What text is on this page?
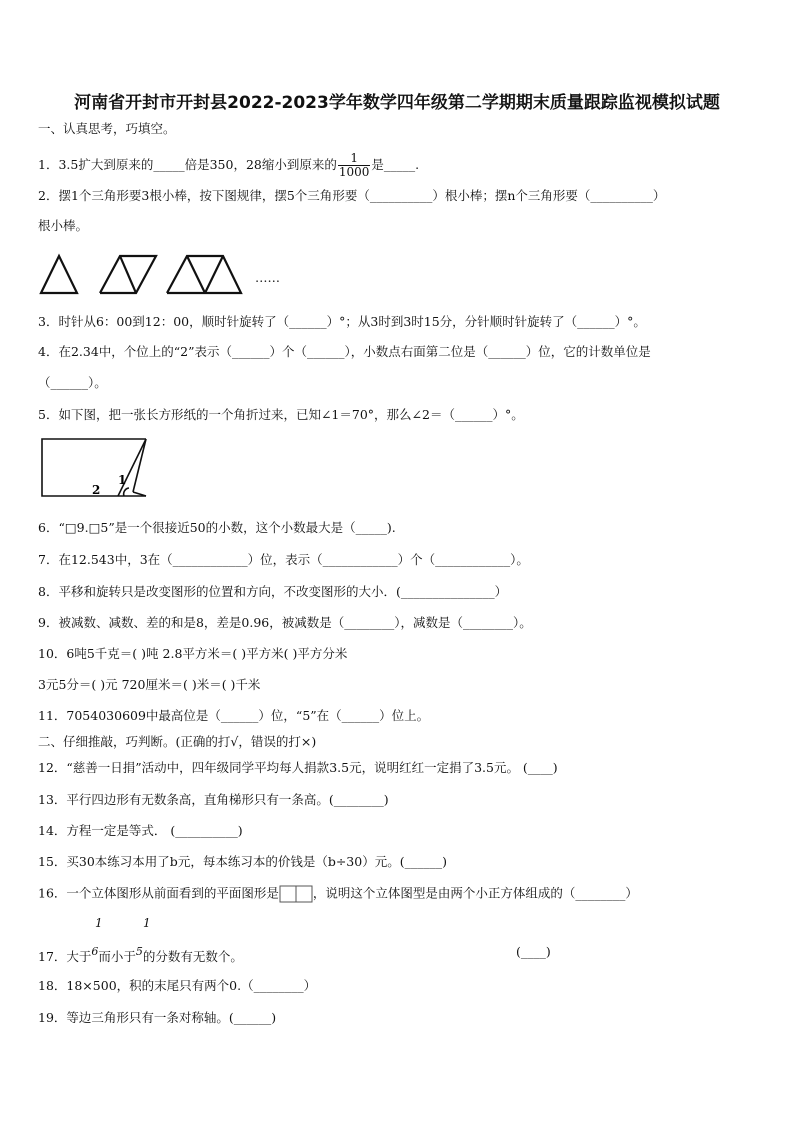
河南省开封市开封县2022-2023学年数学四年级第二学期期末质量跟踪监视模拟试题
一、认真思考，巧填空。
1．3.5扩大到原来的_____倍是350，28缩小到原来的 $\frac{1}{1000}$ 是_____.
2．摆1个三角形要3根小棒，按下图规律，摆5个三角形要（__________）根小棒；摆n个三角形要（__________）
根小棒。
……
3．时针从6：00到12：00，顺时针旋转了（______）°；从3时到3时15分，分针顺时针旋转了（______）°。
4．在2.34中，个位上的“2”表示（______）个（______），小数点右面第二位是（______）位，它的计数单位是
（______）。
5．如下图，把一张长方形纸的一个角折过来，已知∠1＝70°，那么∠2＝（______）°。
2
1
6．“□9.□5”是一个很接近50的小数，这个小数最大是（_____).
7．在12.543中，3在（____________）位，表示（____________）个（____________）。
8．平移和旋转只是改变图形的位置和方向，不改变图形的大小．(_______________）
9．被减数、减数、差的和是8，差是0.96，被减数是（________），减数是（________）。
10．6吨5千克＝( )吨 2.8平方米＝( )平方米( )平方分米
3元5分＝( )元 720厘米＝( )米＝( )千米
11．7054030609中最高位是（______）位，“5”在（______）位上。
二、仔细推敲，巧判断。(正确的打√，错误的打×)
12．“慈善一日捐”活动中，四年级同学平均每人捐款3.5元，说明红红一定捐了3.5元。 (____)
13．平行四边形有无数条高，直角梯形只有一条高。(________)
14．方程一定是等式． (__________)
15．买30本练习本用了b元，每本练习本的价钱是（b÷30）元。(______)
16．一个立体图形从前面看到的平面图形是	，说明这个立体图型是由两个小正方体组成的（________）
1	1
17．大于6而小于5的分数有无数个。	(____)
18．18×500，积的末尾只有两个0.（________）
19．等边三角形只有一条对称轴。(______)
